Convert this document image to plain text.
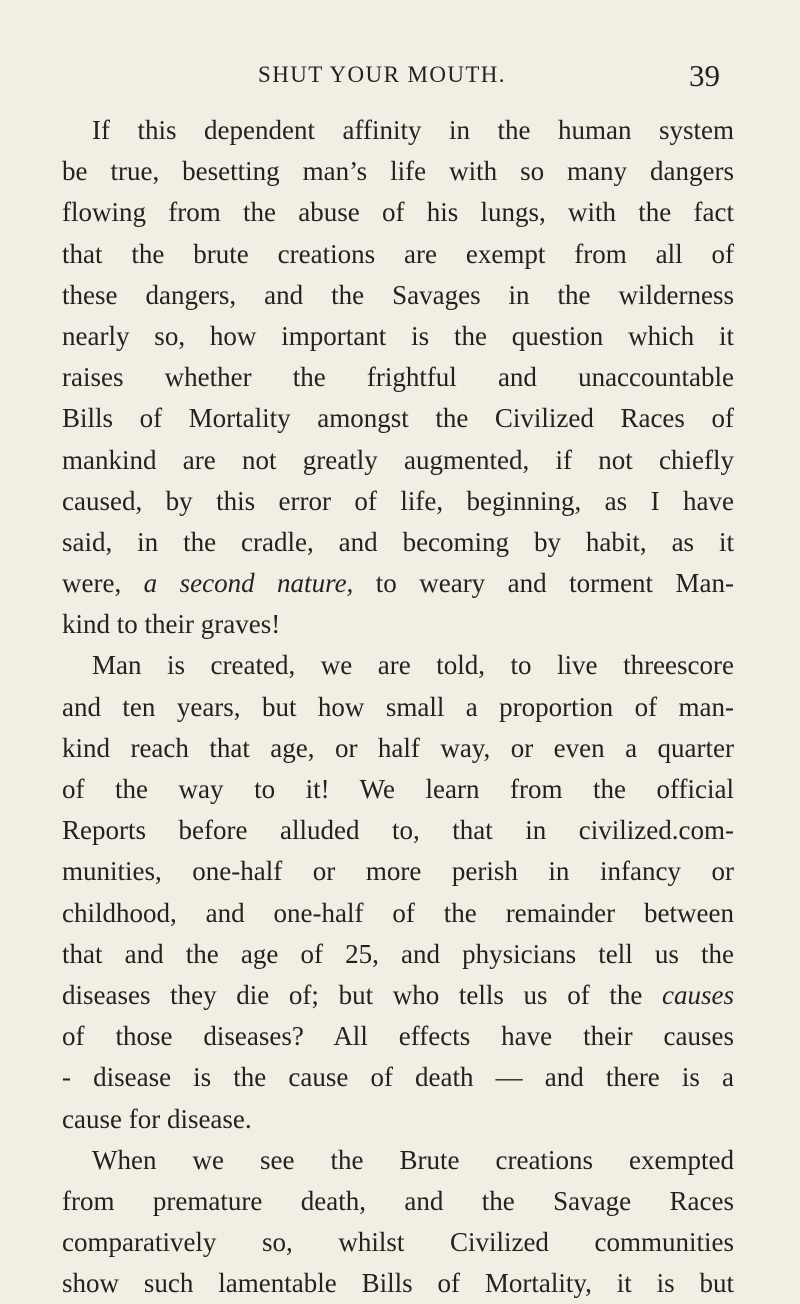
SHUT YOUR MOUTH.	39
If this dependent affinity in the human system
be true, besetting man’s life with so many dangers
flowing from the abuse of his lungs, with the fact
that the brute creations are exempt from all of
these dangers, and the Savages in the wilderness
nearly so, how important is the question which it
raises whether the frightful and unaccountable
Bills of Mortality amongst the Civilized Races of
mankind are not greatly augmented, if not chiefly
caused, by this error of life, beginning, as I have
said, in the cradle, and becoming by habit, as it
were, a second nature, to weary and torment Man-
kind to their graves!
Man is created, we are told, to live threescore
and ten years, but how small a proportion of man-
kind reach that age, or half way, or even a quarter
of the way to it! We learn from the official
Reports before alluded to, that in civilized.com-
munities, one-half or more perish in infancy or
childhood, and one-half of the remainder between
that and the age of 25, and physicians tell us the
diseases they die of; but who tells us of the causes
of those diseases? All effects have their causes
- disease is the cause of death — and there is a
cause for disease.
When we see the Brute creations exempted
from premature death, and the Savage Races
comparatively so, whilst Civilized communities
show such lamentable Bills of Mortality, it is but
